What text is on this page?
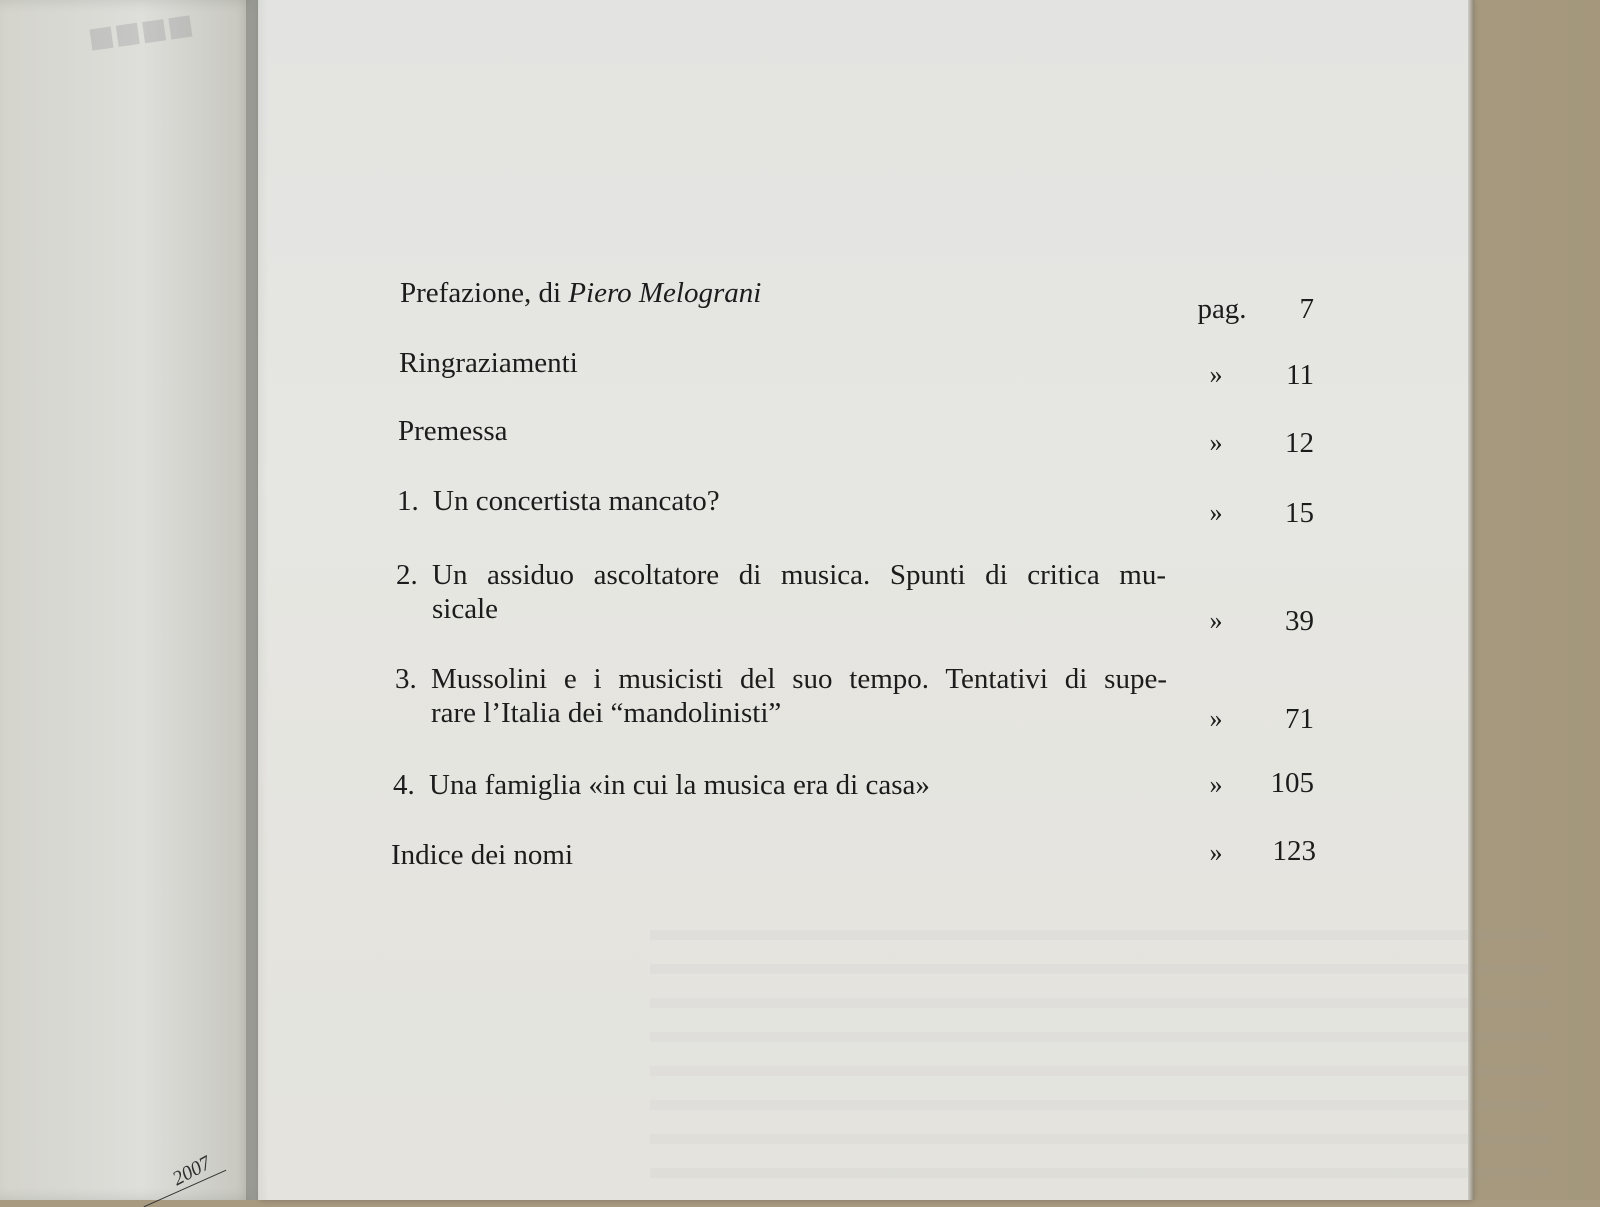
■■■■
2007
Prefazione, di Piero Melograni	pag.	7
Ringraziamenti	»	11
Premessa	»	12
1. Un concertista mancato?	»	15
2. Un assiduo ascoltatore di musica. Spunti di critica mu-
sicale	»	39
3. Mussolini e i musicisti del suo tempo. Tentativi di supe-
rare l’Italia dei “mandolinisti”	»	71
4. Una famiglia «in cui la musica era di casa»	»	105
Indice dei nomi	»	123
